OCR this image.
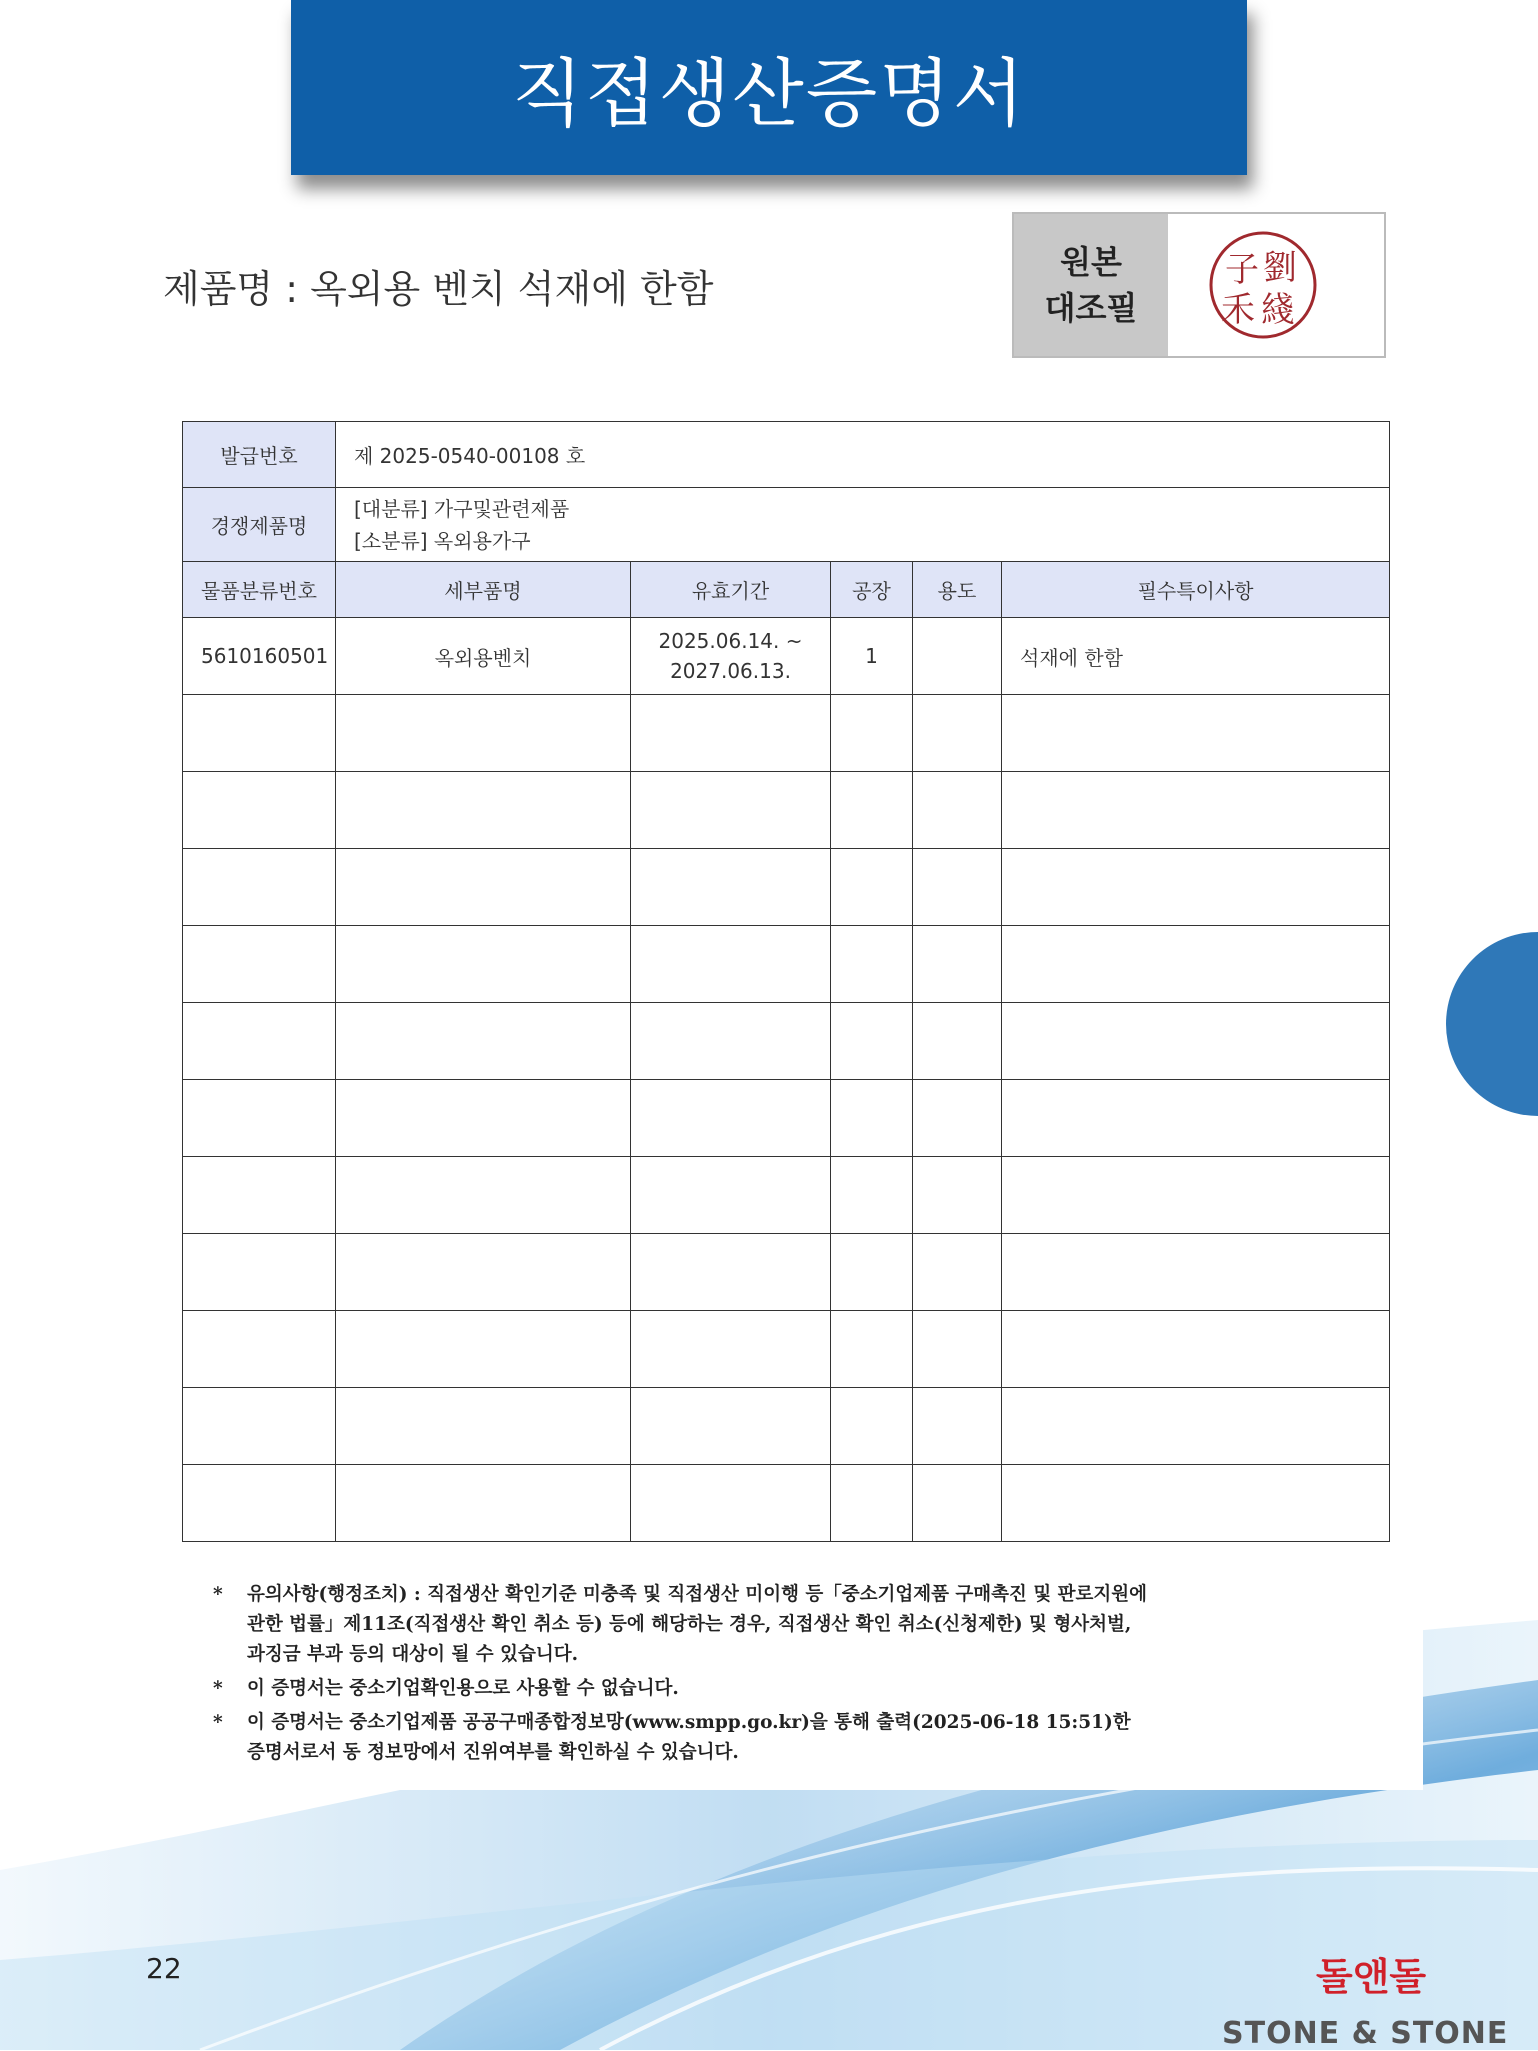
직접생산증명서
제품명 : 옥외용 벤치 석재에 한함
원본
대조필
子 劉
禾 綫
발급번호	제 2025-0540-00108 호				
경쟁제품명	[대분류] 가구및관련제품
[소분류] 옥외용가구				
물품분류번호	세부품명	유효기간	공장	용도	필수특이사항
5610160501	옥외용벤치	2025.06.14. ~
2027.06.13.	1		석재에 한함

* 유의사항(행정조치) : 직접생산 확인기준 미충족 및 직접생산 미이행 등「중소기업제품 구매촉진 및 판로지원에
관한 법률」제11조(직접생산 확인 취소 등) 등에 해당하는 경우, 직접생산 확인 취소(신청제한) 및 형사처벌,
과징금 부과 등의 대상이 될 수 있습니다.
* 이 증명서는 중소기업확인용으로 사용할 수 없습니다.
* 이 증명서는 중소기업제품 공공구매종합정보망(www.smpp.go.kr)을 통해 출력(2025-06-18 15:51)한
증명서로서 동 정보망에서 진위여부를 확인하실 수 있습니다.
22	돌앤돌
STONE & STONE
